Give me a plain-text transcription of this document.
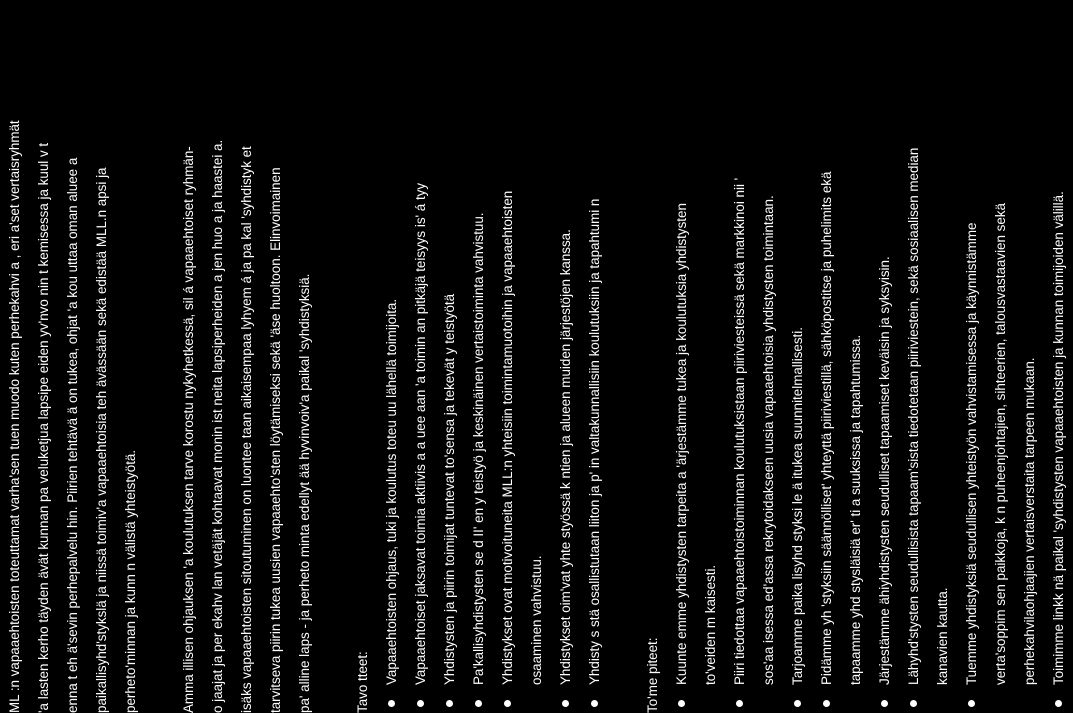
ML :n vapaaehtoisten toteuttamat varha'sen tuen muodo kuten perhekahvi a , eri a'set vertaisryhmät	'a lasten kerho täyden ävät kunnan pa veluketjua lapsipe eiden yv'nvo nin t kemisessa ja kuul v t	enna t eh ä'sevin perhepalvelu hin. Piirien tehtävä ä on tukea, ohjat 'a kou uttaa oman aluee a	paikallisyhd'stykslä ja niissä toimiv'a vapaaehtoisia teh ävässään sekä edistää MLL.n apsi ja	perheto'minnan ja kunn n välistä yhteistyötä.	Amma illisen ohjauksen 'a koulutuksen tarve korostu nykyhetkessä, sil á vapaaehtoiset ryhmän-	o jaajat ja per ekahv lan vetäjät kohtaavat monin ist neita lapsiperheiden a jen huo a ja haastei a.	isäks vapaaehtoisten sitoutuminen on luontee taan aikaisempaa lyhyem á ja pa kal 'syhdistyk et	tarvitseva piirin tukea uusien vapaaehto'sten löytämiseksi sekä 'äse huoltoon. Elinvoimainen	pa' alline laps - ja perheto minta edellyt ää hyvinvoiv'a paikal 'syhdistyksiä.	Tavo tteet:	Vapaaehtoisten ohjaus, tuki ja koulutus toteu uu lähellä toimijoita.	Vapaaehtoiset jaksavat toimia aktiivis a a uee aan 'a toimin an pitkäjä teisyys is' á tyy	Yhdistysten ja piirin toimijat tuntevat to'sensa ja tekevät y teistyötä	Pa'kallisyhdistysten se d II' en y teistyö ja keskinäinen vertaistoiminta vahvistuu.	Yhdistykset ovat motivoituneita MLL:n yhteisiin toimintamuotoihin ja vapaaehtoisten	osaaminen vahvistuu.	Yhdistykset oim'vat yhte styössä k ntien ja alueen muiden järjestöjen kanssa.	Yhdisty s stä osallistutaan liiton ja p' in valtakunnallisiin koulutuksiin ja tapahtumi n	To'me piteet:	Kuunte emme yhdistysten tarpeita a 'ärjestämme tukea ja koulutuksia yhdistysten	to'veiden m kaisesti.	Piiri tiedottaa vapaaehtoistoiminnan koulutuksistaan piiriviesteissä sekä markkinoi nii '	sos'aa isessa ed'assa rekrytoidakseen uusia vapaaehtoisia yhdistysten toimintaan.	Tarjoamme paika lisyhd styksi le ä itukea suunnitelmallisesti.	Pidämme yh 'styksiin säännölliset' yhteyttä piiriviestillä, sähköpostitse ja puhelimits ekä	tapaamme yhd stysläisiä er' ti a suuksissa ja tapahtumissa.	Järjestämme ähiyhdistysten seudulliset tapaamiset keväisin ja syksyisin.	Lähyhd'stysten seudullisista tapaam'sista tiedotetaan piiriviestein, sekä sosiaalisen median	kanavien kautta.	Tuemme yhdistyksiä seudullisen yhteistyön vahvistamisessa ja käynnistämme	verta'soppim sen paikkoja, k n puheenjohtajien, sihteerien, talousvastaavien sekä	perhekahvilaohjaajien vertaisverstaita tarpeen mukaan.	Toimimme linkk nä paikal 'syhdistysten vapaaehtoisten ja kunnan toimijoiden välillä.
